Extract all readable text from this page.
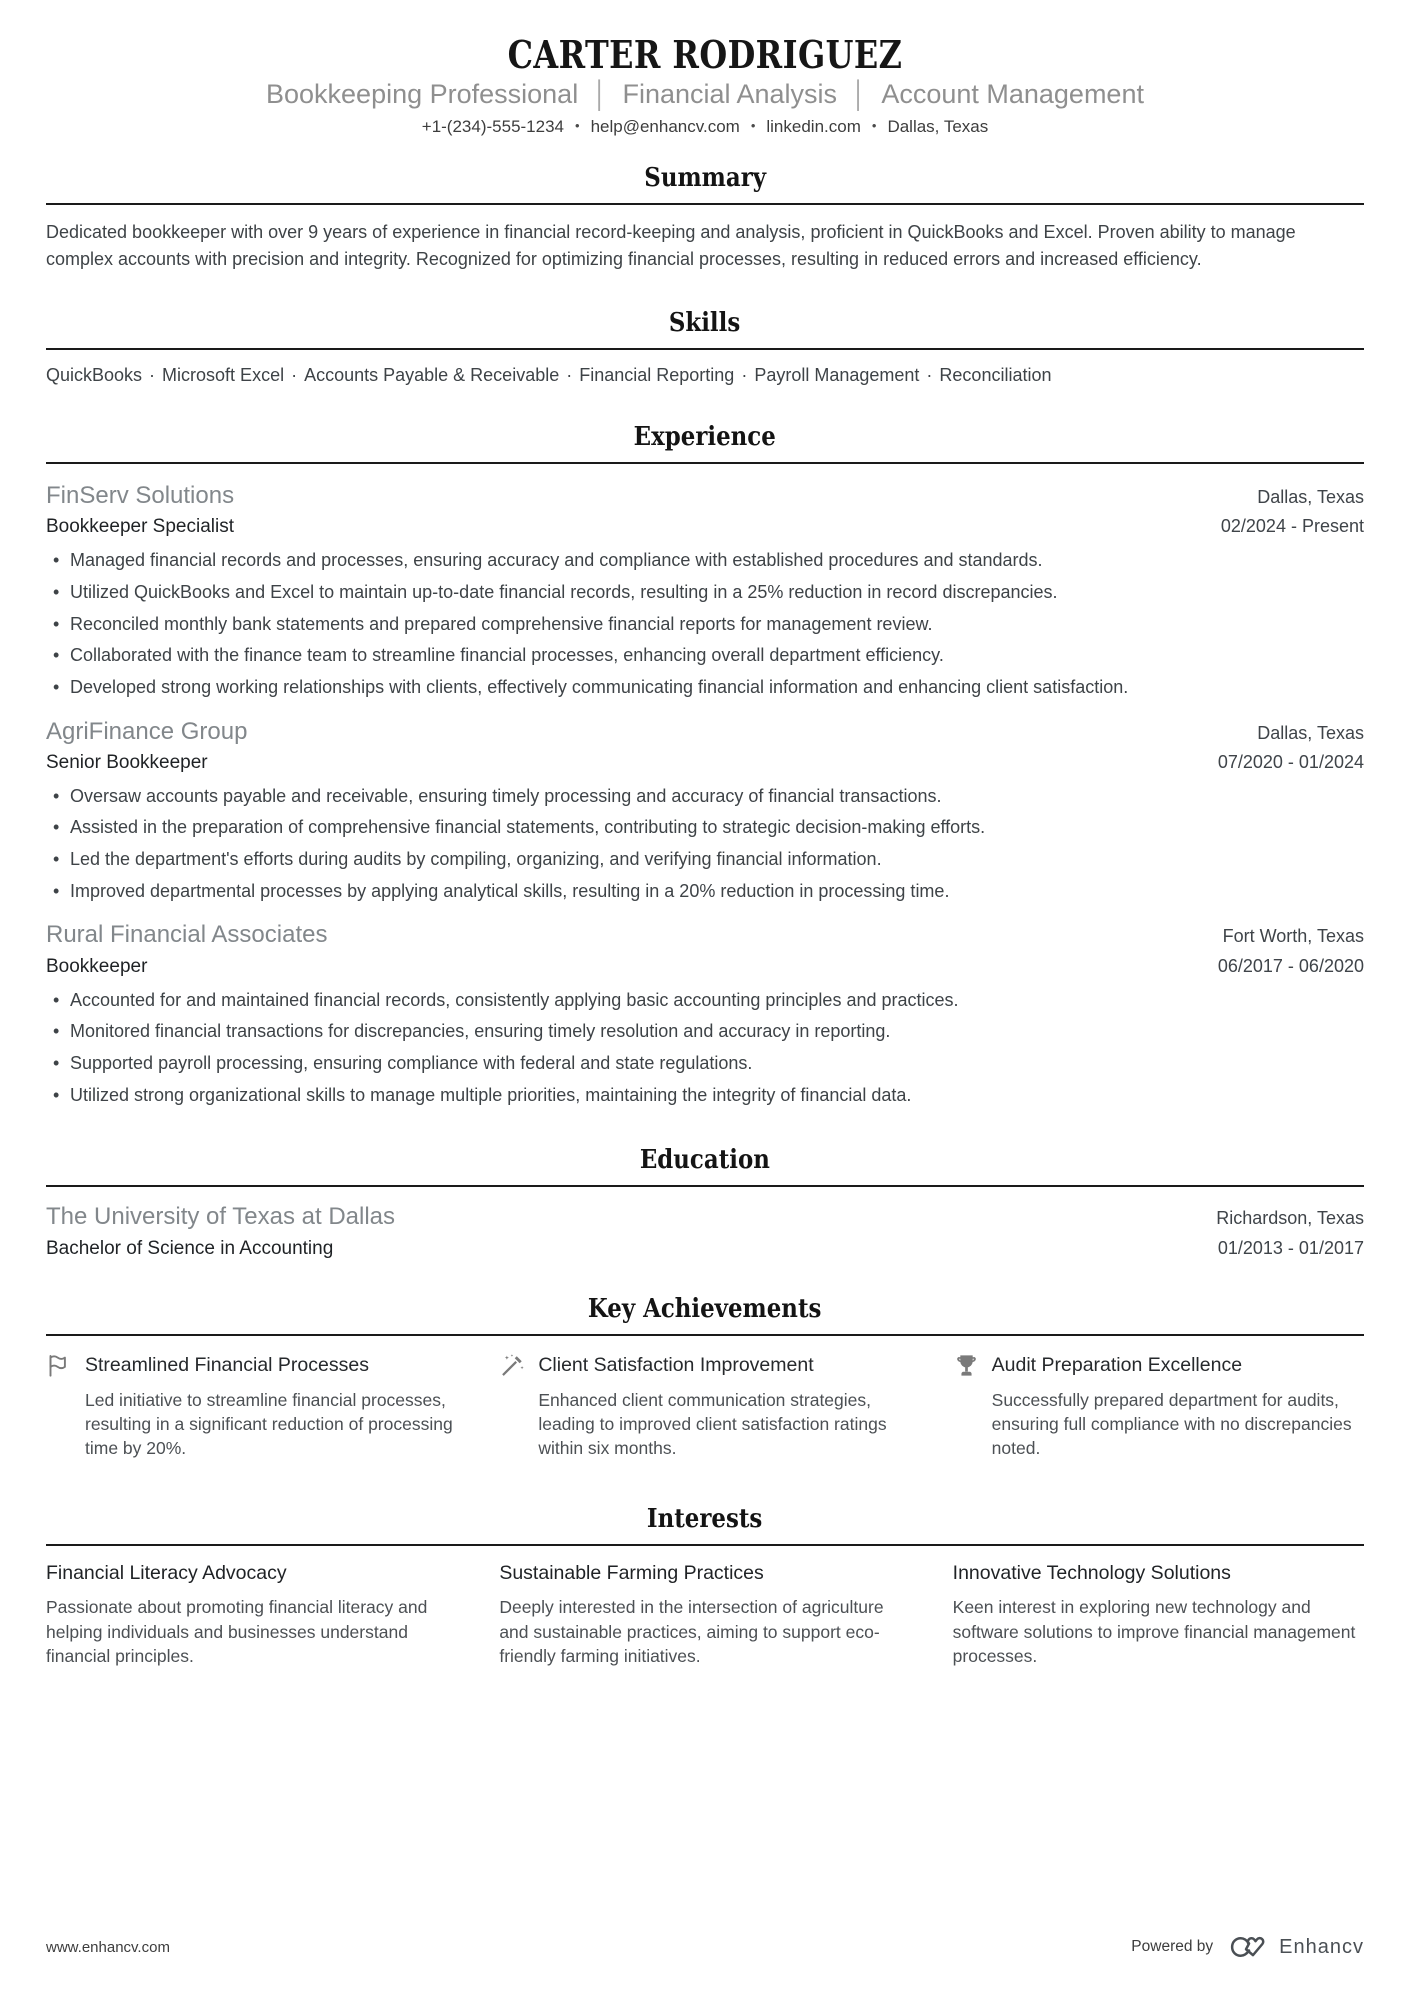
CARTER RODRIGUEZ
Bookkeeping Professional │ Financial Analysis │ Account Management
+1-(234)-555-1234 • help@enhancv.com • linkedin.com • Dallas, Texas
Summary

Dedicated bookkeeper with over 9 years of experience in financial record-keeping and analysis, proficient in QuickBooks and Excel. Proven ability to manage complex accounts with precision and integrity. Recognized for optimizing financial processes, resulting in reduced errors and increased efficiency.

Skills
QuickBooks · Microsoft Excel · Accounts Payable & Receivable · Financial Reporting · Payroll Management · Reconciliation
Experience
FinServ Solutions	Dallas, Texas
Bookkeeper Specialist	02/2024 - Present
• Managed financial records and processes, ensuring accuracy and compliance with established procedures and standards.
• Utilized QuickBooks and Excel to maintain up-to-date financial records, resulting in a 25% reduction in record discrepancies.
• Reconciled monthly bank statements and prepared comprehensive financial reports for management review.
• Collaborated with the finance team to streamline financial processes, enhancing overall department efficiency.
• Developed strong working relationships with clients, effectively communicating financial information and enhancing client satisfaction.
AgriFinance Group	Dallas, Texas
Senior Bookkeeper	07/2020 - 01/2024
• Oversaw accounts payable and receivable, ensuring timely processing and accuracy of financial transactions.
• Assisted in the preparation of comprehensive financial statements, contributing to strategic decision-making efforts.
• Led the department's efforts during audits by compiling, organizing, and verifying financial information.
• Improved departmental processes by applying analytical skills, resulting in a 20% reduction in processing time.
Rural Financial Associates	Fort Worth, Texas
Bookkeeper	06/2017 - 06/2020
• Accounted for and maintained financial records, consistently applying basic accounting principles and practices.
• Monitored financial transactions for discrepancies, ensuring timely resolution and accuracy in reporting.
• Supported payroll processing, ensuring compliance with federal and state regulations.
• Utilized strong organizational skills to manage multiple priorities, maintaining the integrity of financial data.
Education
The University of Texas at Dallas	Richardson, Texas
Bachelor of Science in Accounting	01/2013 - 01/2017
Key Achievements
Streamlined Financial Processes
Led initiative to streamline financial processes, resulting in a significant reduction of processing time by 20%.
Client Satisfaction Improvement
Enhanced client communication strategies, leading to improved client satisfaction ratings within six months.
Audit Preparation Excellence
Successfully prepared department for audits, ensuring full compliance with no discrepancies noted.
Interests
Financial Literacy Advocacy
Passionate about promoting financial literacy and helping individuals and businesses understand financial principles.
Sustainable Farming Practices
Deeply interested in the intersection of agriculture and sustainable practices, aiming to support eco-friendly farming initiatives.
Innovative Technology Solutions
Keen interest in exploring new technology and software solutions to improve financial management processes.
www.enhancv.com	Powered by	Enhancv
